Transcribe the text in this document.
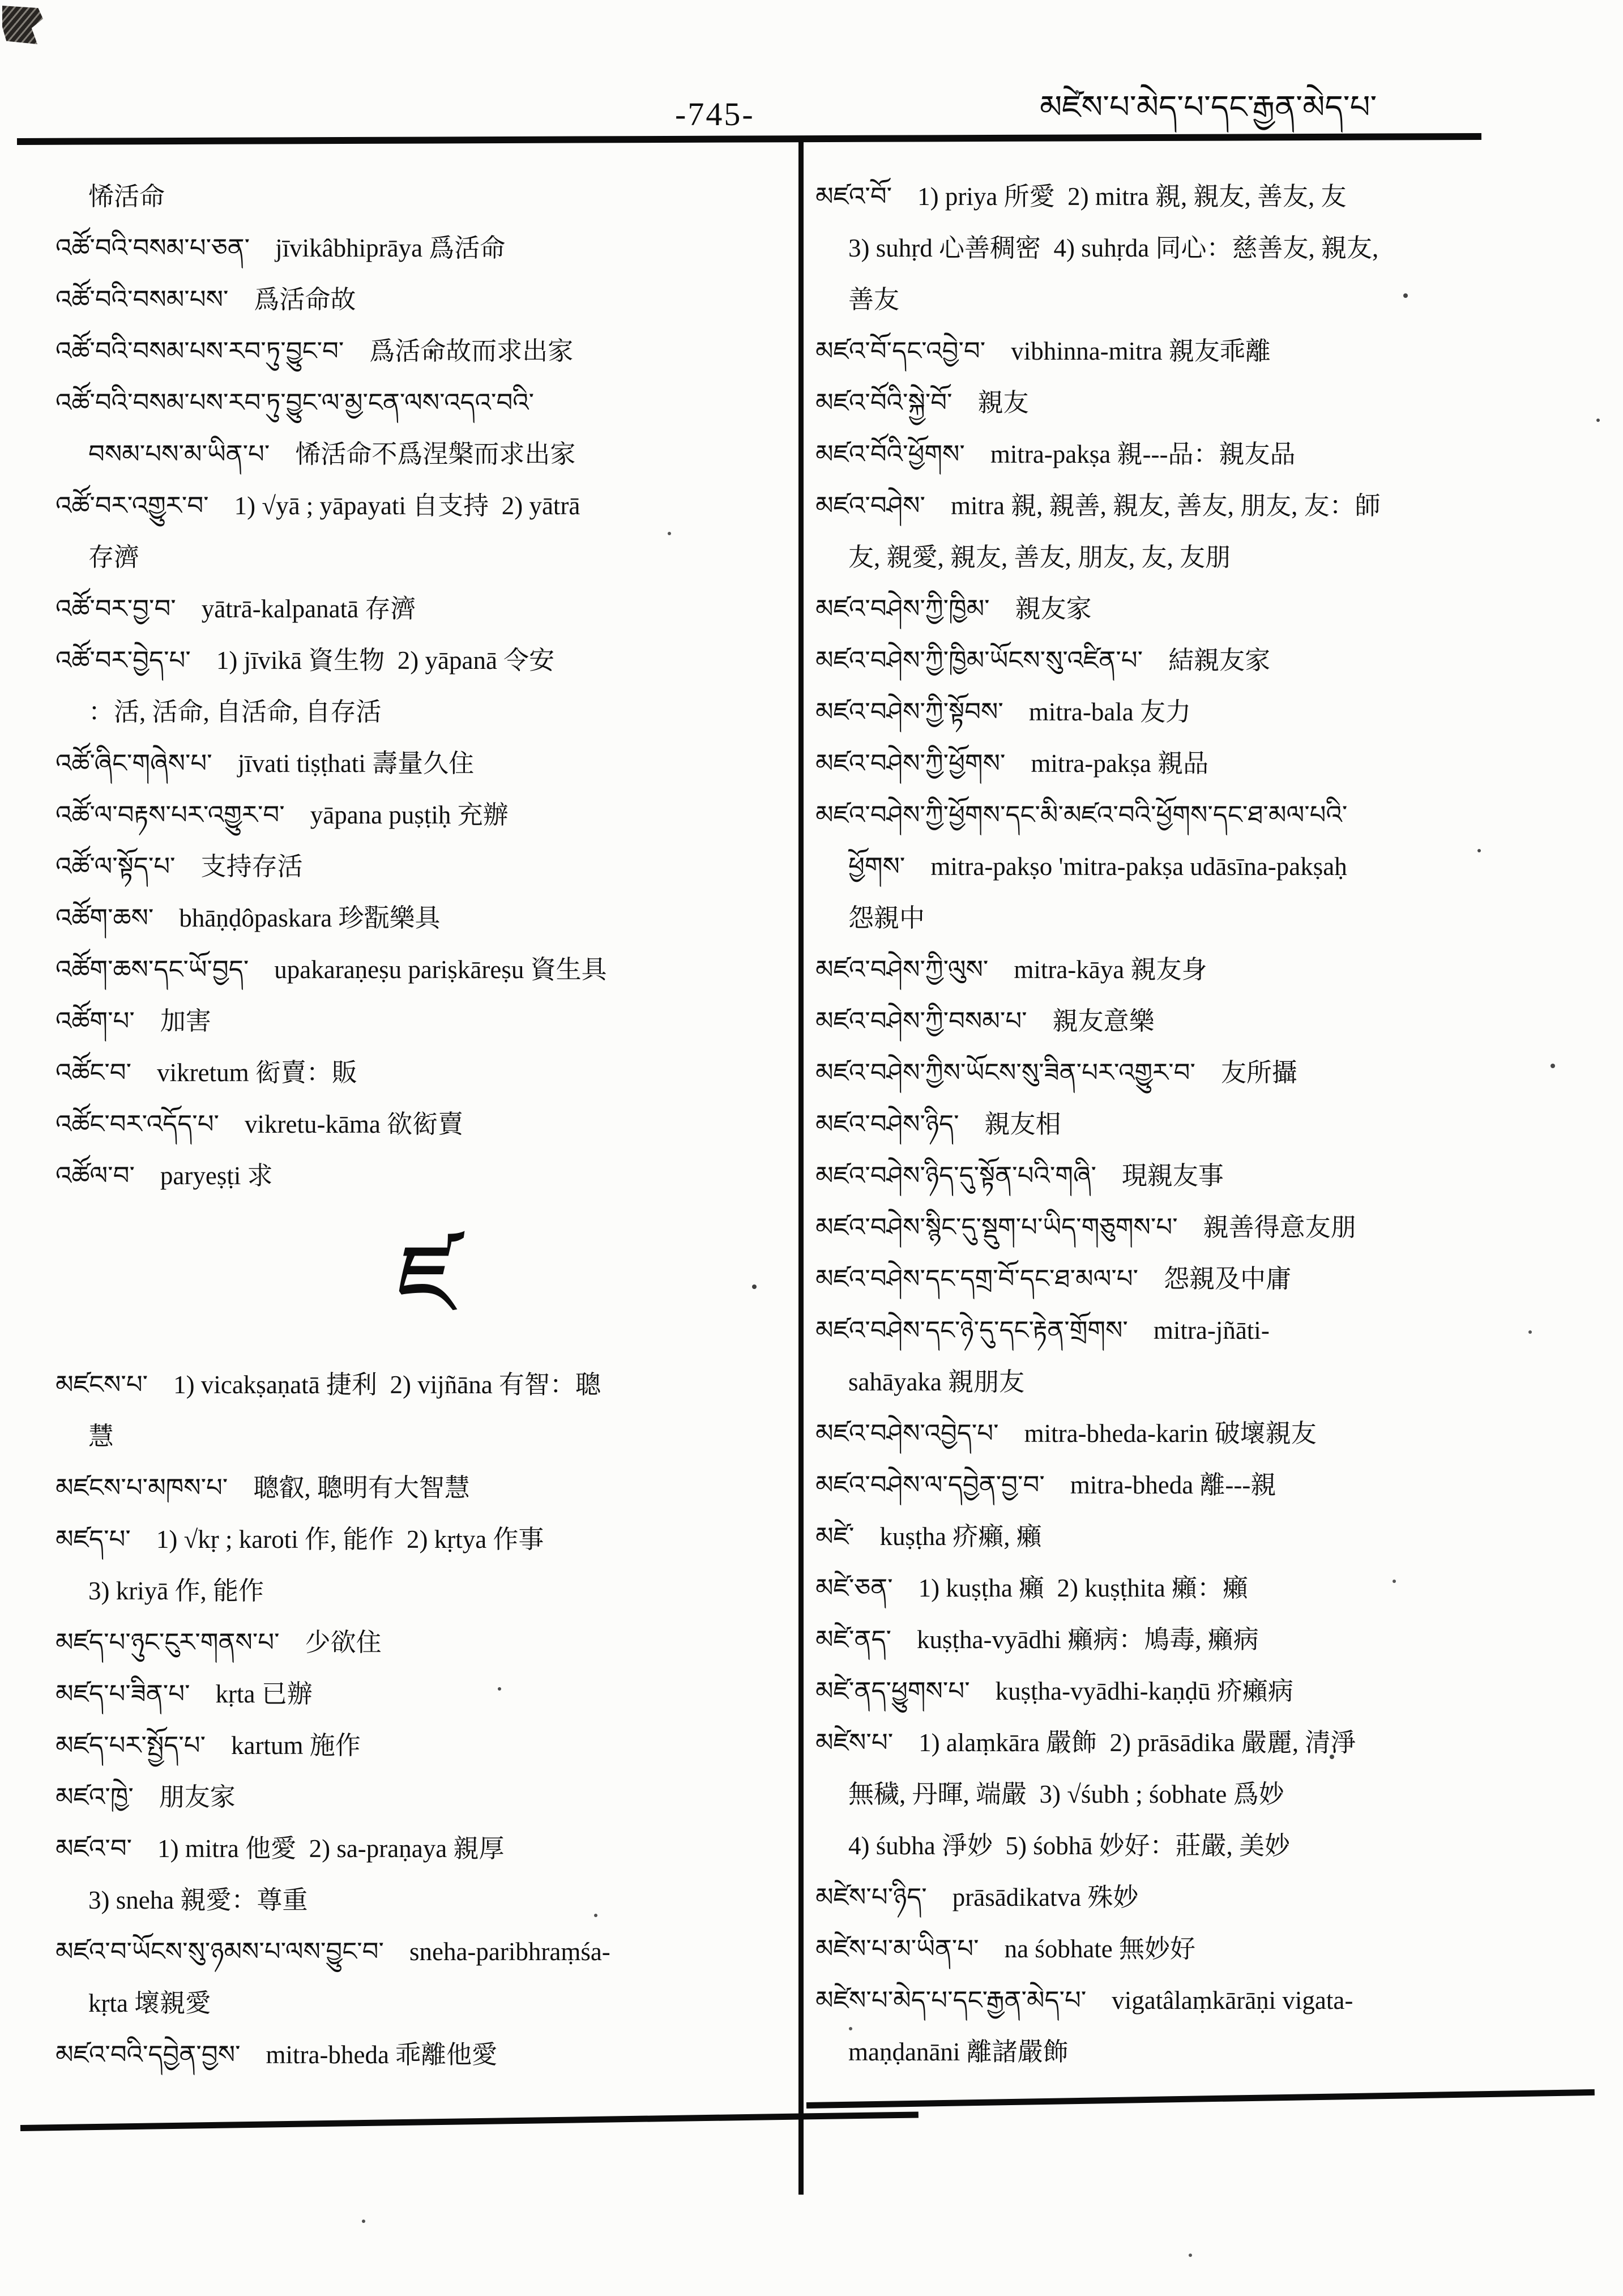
-745-	མཛེས་པ་མེད་པ་དང་རྒྱན་མེད་པ་
悕活命
འཚོ་བའི་བསམ་པ་ཅན་ jīvikâbhiprāya 爲活命
འཚོ་བའི་བསམ་པས་ 爲活命故
འཚོ་བའི་བསམ་པས་རབ་ཏུ་བྱུང་བ་ 爲活命故而求出家
འཚོ་བའི་བསམ་པས་རབ་ཏུ་བྱུང་ལ་མྱ་ངན་ལས་འདའ་བའི་
བསམ་པས་མ་ཡིན་པ་ 悕活命不爲涅槃而求出家
འཚོ་བར་འགྱུར་བ་ 1) √yā ; yāpayati 自支持 2) yātrā
存濟
འཚོ་བར་བྱ་བ་ yātrā-kalpanatā 存濟
འཚོ་བར་བྱེད་པ་ 1) jīvikā 資生物 2) yāpanā 令安
：活, 活命, 自活命, 自存活
འཚོ་ཞིང་གཞེས་པ་ jīvati tiṣṭhati 壽量久住
འཚོ་ལ་བརྟས་པར་འགྱུར་བ་ yāpana puṣṭiḥ 充辦
འཚོ་ལ་སྟོད་པ་ 支持存活
འཚོག་ཆས་ bhāṇḍôpaskara 珍翫樂具
འཚོག་ཆས་དང་ཡོ་བྱད་ upakaraṇeṣu pariṣkāreṣu 資生具
འཚོག་པ་ 加害
འཚོང་བ་ vikretum 衒賣：販
འཚོང་བར་འདོད་པ་ vikretu-kāma 欲衒賣
འཚོལ་བ་ paryeṣṭi 求
ཛ
མཛངས་པ་ 1) vicakṣaṇatā 捷利 2) vijñāna 有智：聰
慧
མཛངས་པ་མཁས་པ་ 聰叡, 聰明有大智慧
མཛད་པ་ 1) √kṛ ; karoti 作, 能作 2) kṛtya 作事
3) kriyā 作, 能作
མཛད་པ་ཉུང་ངུར་གནས་པ་ 少欲住
མཛད་པ་ཟིན་པ་ kṛta 已辦
མཛད་པར་སྤྱོད་པ་ kartum 施作
མཛའ་ཁྱེ་ 朋友家
མཛའ་བ་ 1) mitra 他愛 2) sa-praṇaya 親厚
3) sneha 親愛：尊重
མཛའ་བ་ཡོངས་སུ་ཉམས་པ་ལས་བྱུང་བ་ sneha-paribhraṃśa-
kṛta 壞親愛
མཛའ་བའི་དབྱེན་བྱས་ mitra-bheda 乖離他愛
མཛའ་བོ་ 1) priya 所愛 2) mitra 親, 親友, 善友, 友
3) suhṛd 心善稠密 4) suhṛda 同心：慈善友, 親友,
善友
མཛའ་བོ་དང་འབྱེ་བ་ vibhinna-mitra 親友乖離
མཛའ་བོའི་སྐྱེ་བོ་ 親友
མཛའ་བོའི་ཕྱོགས་ mitra-pakṣa 親---品：親友品
མཛའ་བཤེས་ mitra 親, 親善, 親友, 善友, 朋友, 友：師
友, 親愛, 親友, 善友, 朋友, 友, 友朋
མཛའ་བཤེས་ཀྱི་ཁྱིམ་ 親友家
མཛའ་བཤེས་ཀྱི་ཁྱིམ་ཡོངས་སུ་འཛིན་པ་ 結親友家
མཛའ་བཤེས་ཀྱི་སྟོབས་ mitra-bala 友力
མཛའ་བཤེས་ཀྱི་ཕྱོགས་ mitra-pakṣa 親品
མཛའ་བཤེས་ཀྱི་ཕྱོགས་དང་མི་མཛའ་བའི་ཕྱོགས་དང་ཐ་མལ་པའི་
ཕྱོགས་ mitra-pakṣo 'mitra-pakṣa udāsīna-pakṣaḥ
怨親中
མཛའ་བཤེས་ཀྱི་ལུས་ mitra-kāya 親友身
མཛའ་བཤེས་ཀྱི་བསམ་པ་ 親友意樂
མཛའ་བཤེས་ཀྱིས་ཡོངས་སུ་ཟིན་པར་འགྱུར་བ་ 友所攝
མཛའ་བཤེས་ཉིད་ 親友相
མཛའ་བཤེས་ཉིད་དུ་སྟོན་པའི་གཞི་ 現親友事
མཛའ་བཤེས་སྙིང་དུ་སྡུག་པ་ཡིད་གཅུགས་པ་ 親善得意友朋
མཛའ་བཤེས་དང་དགྲ་བོ་དང་ཐ་མལ་པ་ 怨親及中庸
མཛའ་བཤེས་དང་ཉེ་དུ་དང་རྟེན་གྲོགས་ mitra-jñāti-
sahāyaka 親朋友
མཛའ་བཤེས་འབྱེད་པ་ mitra-bheda-karin 破壞親友
མཛའ་བཤེས་ལ་དབྱེན་བྱ་བ་ mitra-bheda 離---親
མཛེ་ kuṣṭha 疥癩, 癩
མཛེ་ཅན་ 1) kuṣṭha 癩 2) kuṣṭhita 癩：癩
མཛེ་ནད་ kuṣṭha-vyādhi 癩病：鳩毒, 癩病
མཛེ་ནད་ཕྱུགས་པ་ kuṣṭha-vyādhi-kaṇḍū 疥癩病
མཛེས་པ་ 1) alaṃkāra 嚴飾 2) prāsādika 嚴麗, 清淨
無穢, 丹暉, 端嚴 3) √śubh ; śobhate 爲妙
4) śubha 淨妙 5) śobhā 妙好：莊嚴, 美妙
མཛེས་པ་ཉིད་ prāsādikatva 殊妙
མཛེས་པ་མ་ཡིན་པ་ na śobhate 無妙好
མཛེས་པ་མེད་པ་དང་རྒྱན་མེད་པ་ vigatâlaṃkārāṇi vigata-
maṇḍanāni 離諸嚴飾
